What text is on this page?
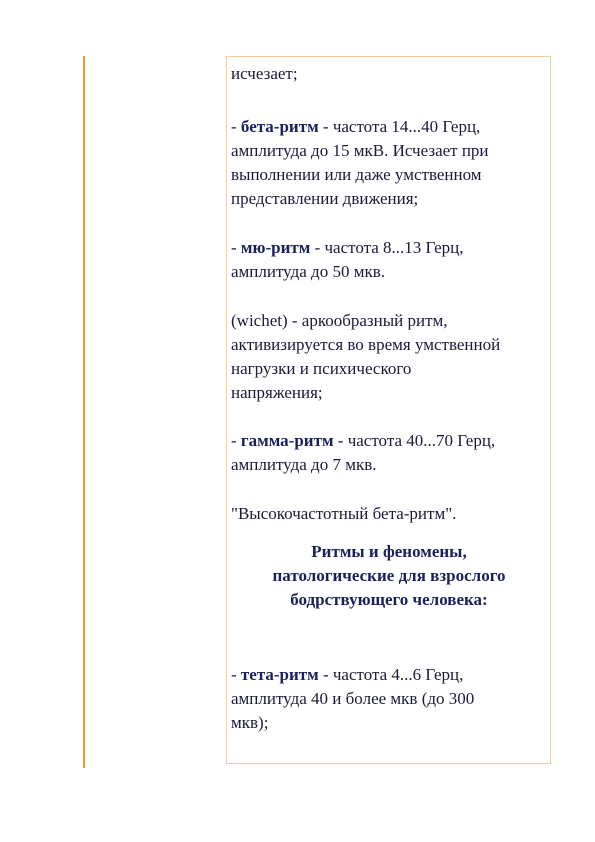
исчезает;

- бета-ритм - частота 14...40 Герц,
амплитуда до 15 мкВ. Исчезает при
выполнении или даже умственном
представлении движения;
- мю-ритм - частота 8...13 Герц,
амплитуда до 50 мкв.
(wichet) - аркообразный ритм,
активизируется во время умственной
нагрузки и психического
напряжения;
- гамма-ритм - частота 40...70 Герц,
амплитуда до 7 мкв.

"Высокочастотный бета-ритм".

Ритмы и феномены,
патологические для взрослого
бодрствующего человека:
- тета-ритм - частота 4...6 Герц,
амплитуда 40 и более мкв (до 300
мкв);
